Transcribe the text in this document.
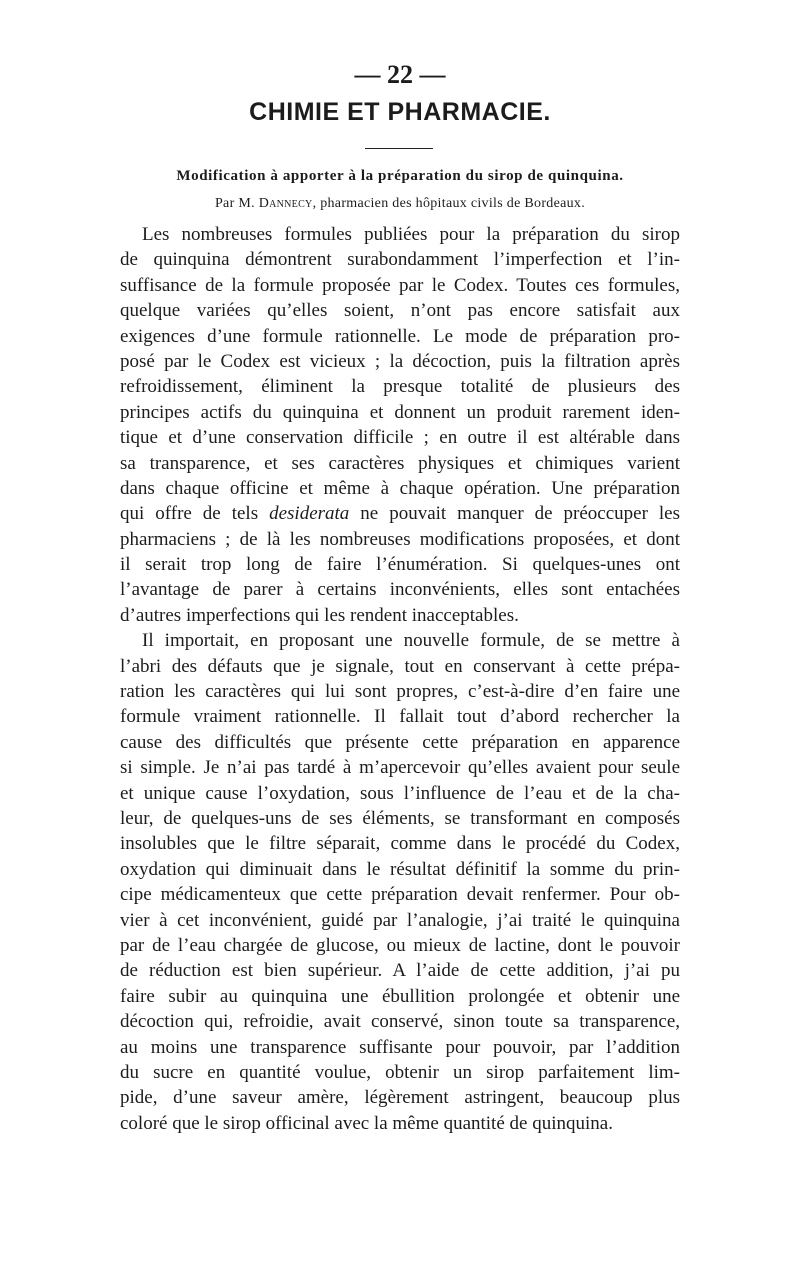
— 22 —
CHIMIE ET PHARMACIE.
Modification à apporter à la préparation du sirop de quinquina.
Par M. Dannecy, pharmacien des hôpitaux civils de Bordeaux.
Les nombreuses formules publiées pour la préparation du sirop
de quinquina démontrent surabondamment l’imperfection et l’in-
suffisance de la formule proposée par le Codex. Toutes ces formules,
quelque variées qu’elles soient, n’ont pas encore satisfait aux
exigences d’une formule rationnelle. Le mode de préparation pro-
posé par le Codex est vicieux ; la décoction, puis la filtration après
refroidissement, éliminent la presque totalité de plusieurs des
principes actifs du quinquina et donnent un produit rarement iden-
tique et d’une conservation difficile ; en outre il est altérable dans
sa transparence, et ses caractères physiques et chimiques varient
dans chaque officine et même à chaque opération. Une préparation
qui offre de tels desiderata ne pouvait manquer de préoccuper les
pharmaciens ; de là les nombreuses modifications proposées, et dont
il serait trop long de faire l’énumération. Si quelques-unes ont
l’avantage de parer à certains inconvénients, elles sont entachées
d’autres imperfections qui les rendent inacceptables.
Il importait, en proposant une nouvelle formule, de se mettre à
l’abri des défauts que je signale, tout en conservant à cette prépa-
ration les caractères qui lui sont propres, c’est-à-dire d’en faire une
formule vraiment rationnelle. Il fallait tout d’abord rechercher la
cause des difficultés que présente cette préparation en apparence
si simple. Je n’ai pas tardé à m’apercevoir qu’elles avaient pour seule
et unique cause l’oxydation, sous l’influence de l’eau et de la cha-
leur, de quelques-uns de ses éléments, se transformant en composés
insolubles que le filtre séparait, comme dans le procédé du Codex,
oxydation qui diminuait dans le résultat définitif la somme du prin-
cipe médicamenteux que cette préparation devait renfermer. Pour ob-
vier à cet inconvénient, guidé par l’analogie, j’ai traité le quinquina
par de l’eau chargée de glucose, ou mieux de lactine, dont le pouvoir
de réduction est bien supérieur. A l’aide de cette addition, j’ai pu
faire subir au quinquina une ébullition prolongée et obtenir une
décoction qui, refroidie, avait conservé, sinon toute sa transparence,
au moins une transparence suffisante pour pouvoir, par l’addition
du sucre en quantité voulue, obtenir un sirop parfaitement lim-
pide, d’une saveur amère, légèrement astringent, beaucoup plus
coloré que le sirop officinal avec la même quantité de quinquina.
